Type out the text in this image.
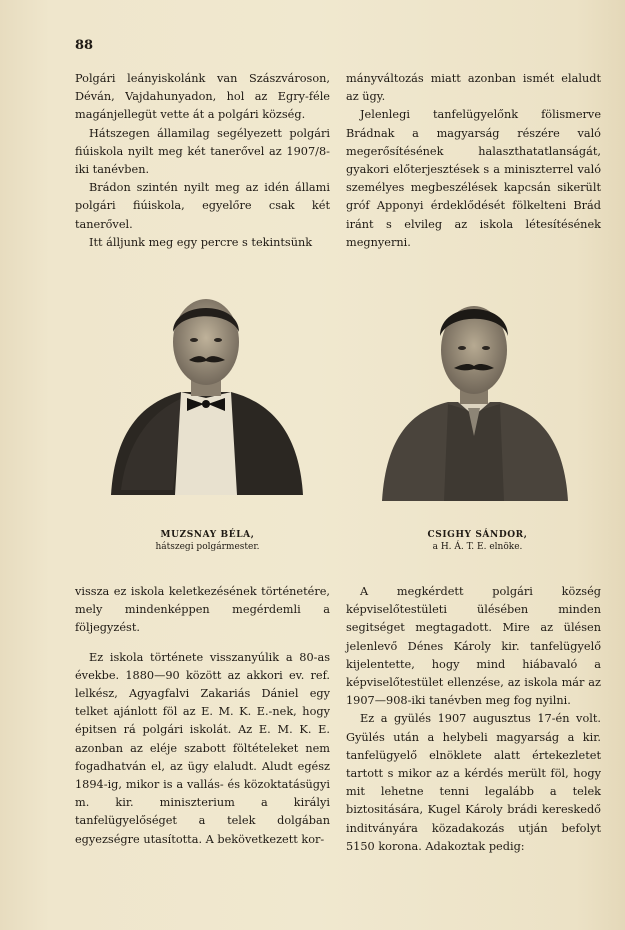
88

Polgári leányiskolánk van Szászvároson, Déván, Vajdahunyadon, hol az Egry-féle magánjellegüt vette át a polgári község.

Hátszegen államilag segélyezett polgári fiúiskola nyilt meg két tanerővel az 1907/8-iki tanévben.

Brádon szintén nyilt meg az idén állami polgári fiúiskola, egyelőre csak két tanerővel.

Itt álljunk meg egy percre s tekintsünk

mányváltozás miatt azonban ismét elaludt az ügy.

Jelenlegi tanfelügyelőnk fölismerve Brádnak a magyarság részére való megerősítésének halaszthatatlanságát, gyakori előterjesztések s a miniszterrel való személyes megbeszélések kapcsán sikerült gróf Apponyi érdeklődését fölkelteni Brád iránt s elvileg az iskola létesítésének megnyerni.

MUZSNAY BÉLA,
hátszegi polgármester.
CSIGHY SÁNDOR,
a H. Á. T. E. elnöke.

vissza ez iskola keletkezésének történetére, mely mindenképpen megérdemli a följegyzést.

Ez iskola története visszanyúlik a 80-as évekbe. 1880—90 között az akkori ev. ref. lelkész, Agyagfalvi Zakariás Dániel egy telket ajánlott föl az E. M. K. E.-nek, hogy épitsen rá polgári iskolát. Az E. M. K. E. azonban az eléje szabott föltételeket nem fogadhatván el, az ügy elaludt. Aludt egész 1894-ig, mikor is a vallás- és közoktatásügyi m. kir. miniszterium a királyi tanfelügyelőséget a telek dolgában egyezségre utasította. A bekövetkezett kor-

A megkérdett polgári község képviselőtestületi ülésében minden segitséget megtagadott. Mire az ülésen jelenlevő Dénes Károly kir. tanfelügyelő kijelentette, hogy mind hiábavaló a képviselőtestület ellenzése, az iskola már az 1907—908-iki tanévben meg fog nyilni.

Ez a gyülés 1907 augusztus 17-én volt. Gyülés után a helybeli magyarság a kir. tanfelügyelő elnöklete alatt értekezletet tartott s mikor az a kérdés merült föl, hogy mit lehetne tenni legalább a telek biztositására, Kugel Károly brádi kereskedő inditványára közadakozás utján befolyt 5150 korona. Adakoztak pedig:
